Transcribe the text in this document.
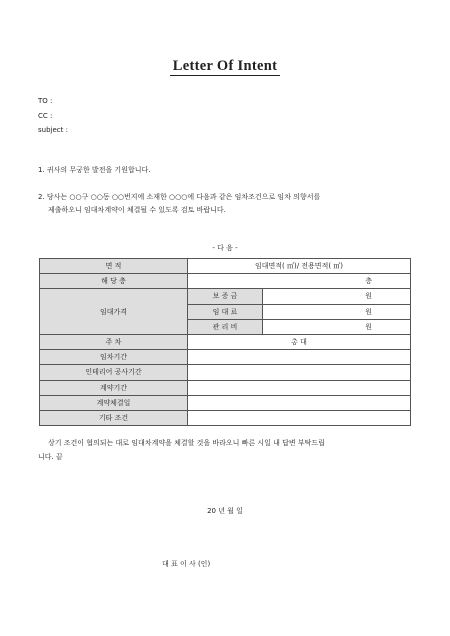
Letter Of Intent
TO :
CC :
subject :
1. 귀사의 무궁한 발전을 기원합니다.
2. 당사는 ○○구 ○○동 ○○번지에 소재한 ○○○에 다음과 같은 임차조건으로 임차 의향서를
제출하오니 임대차계약이 체결될 수 있도록 검토 바랍니다.
- 다 음 -
면 적	임대면적( ㎡)/ 전용면적( ㎡)	
해 당 층	층	
임대가격	보 증 금	원
	임 대 료	원
	관 리 비	원
주 차	총 대	
임차기간		
인테리어 공사기간		
계약기간		
계약체결일		
기타 조건		
상기 조건이 협의되는 대로 임대차계약을 체결할 것을 바라오니 빠른 시일 내 답변 부탁드립
니다. 끝
20 년 월 일
대 표 이 사 (인)
